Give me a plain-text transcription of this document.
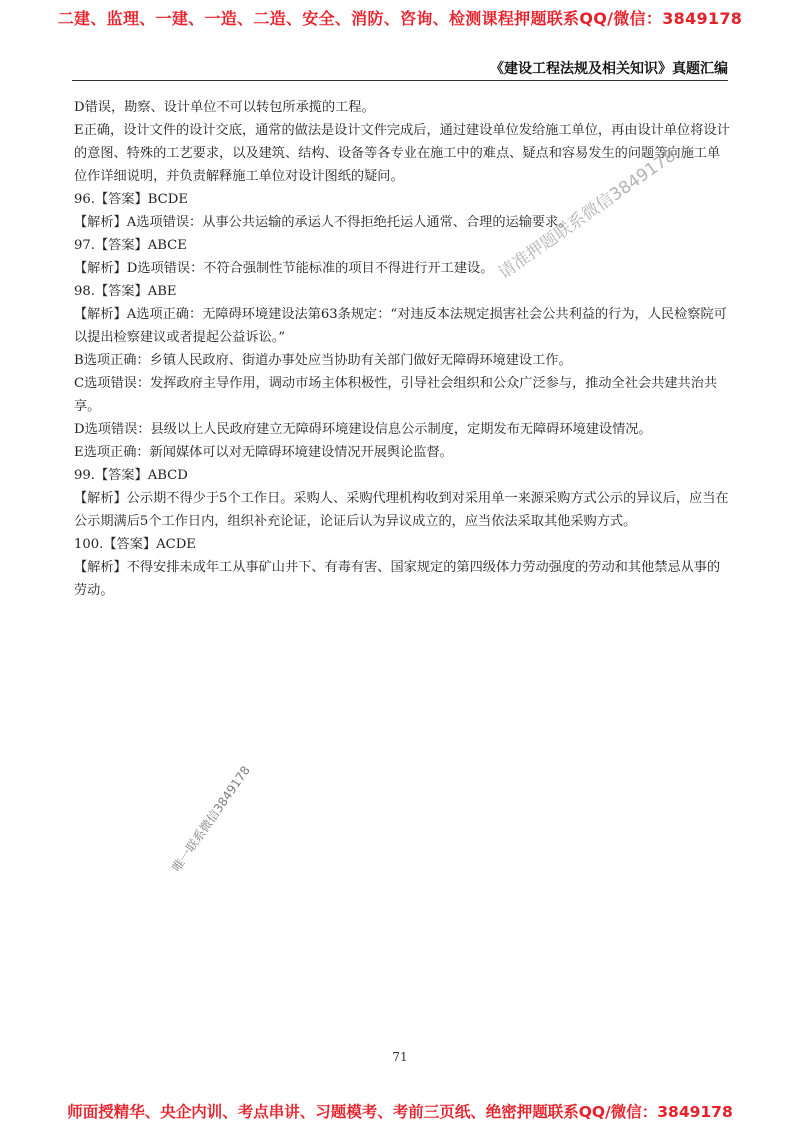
二建、监理、一建、一造、二造、安全、消防、咨询、检测课程押题联系QQ/微信：3849178
《建设工程法规及相关知识》真题汇编

D错误，勘察、设计单位不可以转包所承揽的工程。

E正确，设计文件的设计交底，通常的做法是设计文件完成后，通过建设单位发给施工单位，再由设计单位将设计的意图、特殊的工艺要求，以及建筑、结构、设备等各专业在施工中的难点、疑点和容易发生的问题等向施工单位作详细说明，并负责解释施工单位对设计图纸的疑问。

96.【答案】BCDE

【解析】A选项错误：从事公共运输的承运人不得拒绝托运人通常、合理的运输要求。

97.【答案】ABCE

【解析】D选项错误：不符合强制性节能标准的项目不得进行开工建设。

98.【答案】ABE

【解析】A选项正确：无障碍环境建设法第63条规定：“对违反本法规定损害社会公共利益的行为，人民检察院可以提出检察建议或者提起公益诉讼。”

B选项正确：乡镇人民政府、街道办事处应当协助有关部门做好无障碍环境建设工作。

C选项错误：发挥政府主导作用，调动市场主体积极性，引导社会组织和公众广泛参与，推动全社会共建共治共享。

D选项错误：县级以上人民政府建立无障碍环境建设信息公示制度，定期发布无障碍环境建设情况。

E选项正确：新闻媒体可以对无障碍环境建设情况开展舆论监督。

99.【答案】ABCD

【解析】公示期不得少于5个工作日。采购人、采购代理机构收到对采用单一来源采购方式公示的异议后，应当在公示期满后5个工作日内，组织补充论证，论证后认为异议成立的，应当依法采取其他采购方式。

100.【答案】ACDE

【解析】不得安排未成年工从事矿山井下、有毒有害、国家规定的第四级体力劳动强度的劳动和其他禁忌从事的劳动。

请准押题联系微信3849178
唯一联系微信3849178
71
师面授精华、央企内训、考点串讲、习题模考、考前三页纸、绝密押题联系QQ/微信：3849178
